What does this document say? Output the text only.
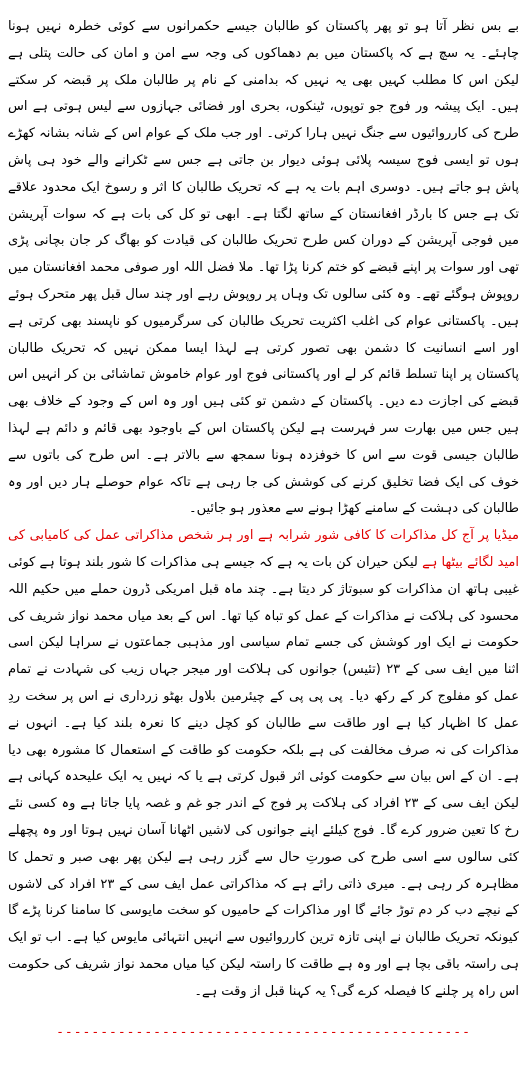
بے بس نظر آتا ہو تو پھر پاکستان کو طالبان جیسے حکمرانوں سے کوئی خطرہ نہیں ہونا چاہئے۔ یہ سچ ہے کہ پاکستان میں بم دھماکوں کی وجہ سے امن و امان کی حالت پتلی ہے لیکن اس کا مطلب کہیں بھی یہ نہیں کہ بدامنی کے نام پر طالبان ملک پر قبضہ کر سکتے ہیں۔ ایک پیشہ ور فوج جو توپوں، ٹینکوں، بحری اور فضائی جہازوں سے لیس ہوتی ہے اس طرح کی کارروائیوں سے جنگ نہیں ہارا کرتی۔ اور جب ملک کے عوام اس کے شانہ بشانہ کھڑے ہوں تو ایسی فوج سیسہ پلائی ہوئی دیوار بن جاتی ہے جس سے ٹکرانے والے خود ہی پاش پاش ہو جاتے ہیں۔ دوسری اہم بات یہ ہے کہ تحریک طالبان کا اثر و رسوخ ایک محدود علاقے تک ہے جس کا بارڈر افغانستان کے ساتھ لگتا ہے۔ ابھی تو کل کی بات ہے کہ سوات آپریشن میں فوجی آپریشن کے دوران کس طرح تحریک طالبان کی قیادت کو بھاگ کر جان بچانی پڑی تھی اور سوات پر اپنے قبضے کو ختم کرنا پڑا تھا۔ ملا فضل اللہ اور صوفی محمد افغانستان میں روپوش ہوگئے تھے۔ وہ کئی سالوں تک وہاں پر روپوش رہے اور چند سال قبل پھر متحرک ہوئے ہیں۔ پاکستانی عوام کی اغلب اکثریت تحریک طالبان کی سرگرمیوں کو ناپسند بھی کرتی ہے اور اسے انسانیت کا دشمن بھی تصور کرتی ہے لہذا ایسا ممکن نہیں کہ تحریک طالبان پاکستان پر اپنا تسلط قائم کر لے اور پاکستانی فوج اور عوام خاموش تماشائی بن کر انہیں اس قبضے کی اجازت دے دیں۔ پاکستان کے دشمن تو کئی ہیں اور وہ اس کے وجود کے خلاف بھی ہیں جس میں بھارت سر فہرست ہے لیکن پاکستان اس کے باوجود بھی قائم و دائم ہے لہذا طالبان جیسی قوت سے اس کا خوفزدہ ہونا سمجھ سے بالاتر ہے۔ اس طرح کی باتوں سے خوف کی ایک فضا تخلیق کرنے کی کوشش کی جا رہی ہے تاکہ عوام حوصلے ہار دیں اور وہ طالبان کی دہشت کے سامنے کھڑا ہونے سے معذور ہو جائیں۔

میڈیا پر آج کل مذاکرات کا کافی شور شرابہ ہے اور ہر شخص مذاکراتی عمل کی کامیابی کی امید لگائے بیٹھا ہے لیکن حیران کن بات یہ ہے کہ جیسے ہی مذاکرات کا شور بلند ہوتا ہے کوئی غیبی ہاتھ ان مذاکرات کو سبوتاژ کر دیتا ہے۔ چند ماہ قبل امریکی ڈرون حملے میں حکیم اللہ محسود کی ہلاکت نے مذاکرات کے عمل کو تباہ کیا تھا۔ اس کے بعد میاں محمد نواز شریف کی حکومت نے ایک اور کوشش کی جسے تمام سیاسی اور مذہبی جماعتوں نے سراہا لیکن اسی اثنا میں ایف سی کے ۲۳ (تئیس) جوانوں کی ہلاکت اور میجر جہاں زیب کی شہادت نے تمام عمل کو مفلوج کر کے رکھ دیا۔ پی پی پی کے چیئرمین بلاول بھٹو زرداری نے اس پر سخت ردِ عمل کا اظہار کیا ہے اور طاقت سے طالبان کو کچل دینے کا نعرہ بلند کیا ہے۔ انہوں نے مذاکرات کی نہ صرف مخالفت کی ہے بلکہ حکومت کو طاقت کے استعمال کا مشورہ بھی دیا ہے۔ ان کے اس بیان سے حکومت کوئی اثر قبول کرتی ہے یا کہ نہیں یہ ایک علیحدہ کہانی ہے لیکن ایف سی کے ۲۳ افراد کی ہلاکت پر فوج کے اندر جو غم و غصہ پایا جاتا ہے وہ کسی نئے رخ کا تعین ضرور کرے گا۔ فوج کیلئے اپنے جوانوں کی لاشیں اٹھانا آسان نہیں ہوتا اور وہ پچھلے کئی سالوں سے اسی طرح کی صورتِ حال سے گزر رہی ہے لیکن پھر بھی صبر و تحمل کا مظاہرہ کر رہی ہے۔ میری ذاتی رائے ہے کہ مذاکراتی عمل ایف سی کے ۲۳ افراد کی لاشوں کے نیچے دب کر دم توڑ جائے گا اور مذاکرات کے حامیوں کو سخت مایوسی کا سامنا کرنا پڑے گا کیونکہ تحریک طالبان نے اپنی تازہ ترین کارروائیوں سے انہیں انتہائی مایوس کیا ہے۔ اب تو ایک ہی راستہ باقی بچا ہے اور وہ ہے طاقت کا راستہ لیکن کیا میاں محمد نواز شریف کی حکومت اس راہ پر چلنے کا فیصلہ کرے گی؟ یہ کہنا قبل از وقت ہے۔

-----------------------------------------------
